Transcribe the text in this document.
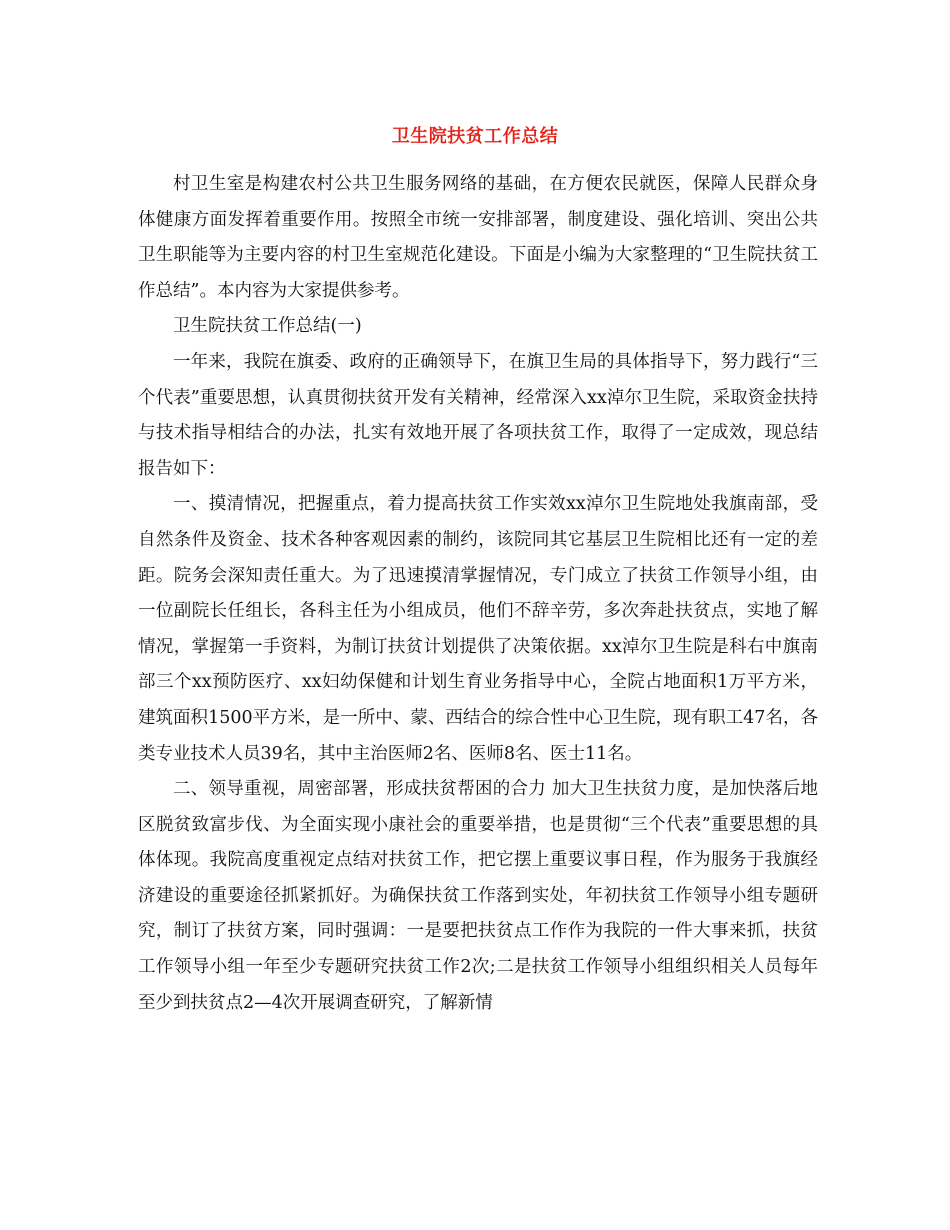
卫生院扶贫工作总结

村卫生室是构建农村公共卫生服务网络的基础，在方便农民就医，保障人民群众身体健康方面发挥着重要作用。按照全市统一安排部署，制度建设、强化培训、突出公共卫生职能等为主要内容的村卫生室规范化建设。下面是小编为大家整理的“卫生院扶贫工作总结”。本内容为大家提供参考。

卫生院扶贫工作总结(一)

一年来，我院在旗委、政府的正确领导下，在旗卫生局的具体指导下，努力践行“三个代表”重要思想，认真贯彻扶贫开发有关精神，经常深入xx淖尔卫生院，采取资金扶持与技术指导相结合的办法，扎实有效地开展了各项扶贫工作，取得了一定成效，现总结报告如下：

一、摸清情况，把握重点，着力提高扶贫工作实效xx淖尔卫生院地处我旗南部，受自然条件及资金、技术各种客观因素的制约，该院同其它基层卫生院相比还有一定的差距。院务会深知责任重大。为了迅速摸清掌握情况，专门成立了扶贫工作领导小组，由一位副院长任组长，各科主任为小组成员，他们不辞辛劳，多次奔赴扶贫点，实地了解情况，掌握第一手资料，为制订扶贫计划提供了决策依据。xx淖尔卫生院是科右中旗南部三个xx预防医疗、xx妇幼保健和计划生育业务指导中心，全院占地面积1万平方米，建筑面积1500平方米，是一所中、蒙、西结合的综合性中心卫生院，现有职工47名，各类专业技术人员39名，其中主治医师2名、医师8名、医士11名。

二、领导重视，周密部署，形成扶贫帮困的合力 加大卫生扶贫力度，是加快落后地区脱贫致富步伐、为全面实现小康社会的重要举措，也是贯彻“三个代表”重要思想的具体体现。我院高度重视定点结对扶贫工作，把它摆上重要议事日程，作为服务于我旗经济建设的重要途径抓紧抓好。为确保扶贫工作落到实处，年初扶贫工作领导小组专题研究，制订了扶贫方案，同时强调：一是要把扶贫点工作作为我院的一件大事来抓，扶贫工作领导小组一年至少专题研究扶贫工作2次;二是扶贫工作领导小组组织相关人员每年至少到扶贫点2—4次开展调查研究，了解新情
